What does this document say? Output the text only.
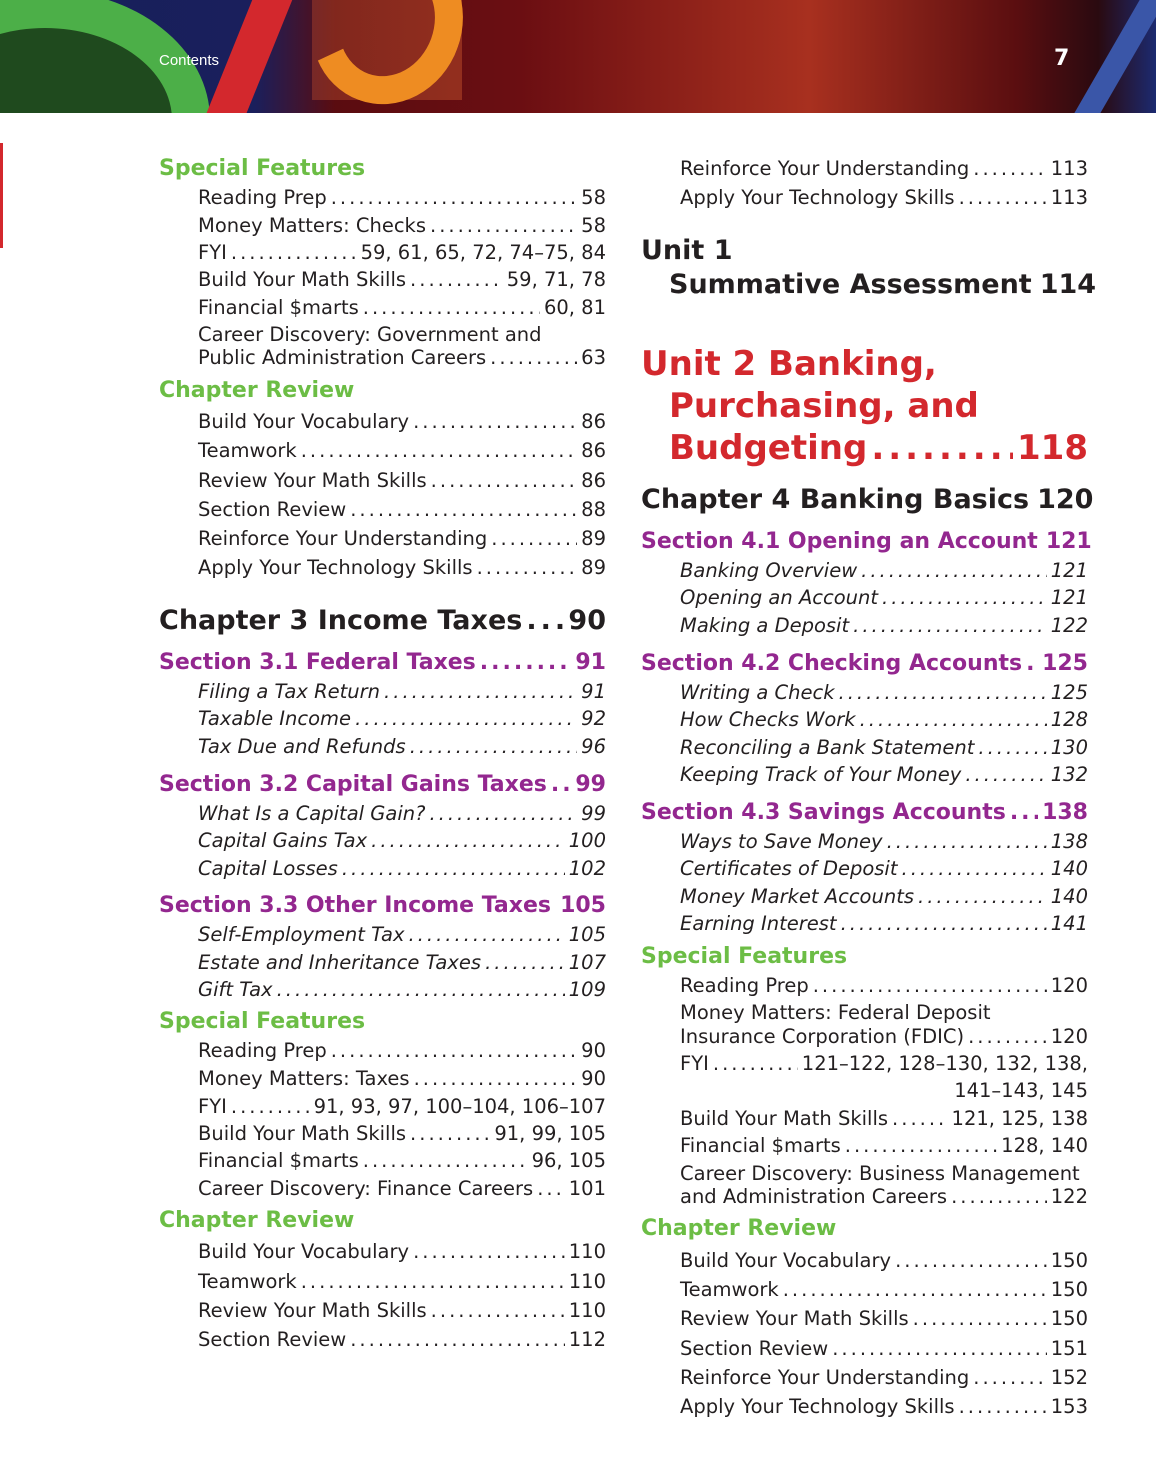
Contents	7
Special Features
Reading Prep .....	58
Money Matters: Checks .....	58
FYI .....	59, 61, 65, 72, 74–75, 84
Build Your Math Skills .....	59, 71, 78
Financial $marts .....	60, 81
Career Discovery: Government and
Public Administration Careers .....	63
Chapter Review
Build Your Vocabulary .....	86
Teamwork .....	86
Review Your Math Skills .....	86
Section Review .....	88
Reinforce Your Understanding .....	89
Apply Your Technology Skills .....	89
Chapter 3 Income Taxes ..... 90
Section 3.1 Federal Taxes .....	91
Filing a Tax Return .....	91
Taxable Income .....	92
Tax Due and Refunds .....	96
Section 3.2 Capital Gains Taxes ..... 99
What Is a Capital Gain? .....	99
Capital Gains Tax .....	100
Capital Losses .....	102
Section 3.3 Other Income Taxes ..... 105
Self-Employment Tax .....	105
Estate and Inheritance Taxes .....	107
Gift Tax .....	109
Special Features
Reading Prep .....	90
Money Matters: Taxes .....	90
FYI .....	91, 93, 97, 100–104, 106–107
Build Your Math Skills .....	91, 99, 105
Financial $marts .....	96, 105
Career Discovery: Finance Careers ..... 101
Chapter Review
Build Your Vocabulary .....	110
Teamwork .....	110
Review Your Math Skills .....	110
Section Review .....	112
Reinforce Your Understanding .....	113
Apply Your Technology Skills .....	113
Unit 1
Summative Assessment 114
Unit 2 Banking,
Purchasing, and
Budgeting .....	118
Chapter 4 Banking Basics 120
Section 4.1 Opening an Account 121
Banking Overview .....	121
Opening an Account .....	121
Making a Deposit .....	122
Section 4.2 Checking Accounts ..... 125
Writing a Check .....	125
How Checks Work .....	128
Reconciling a Bank Statement .....	130
Keeping Track of Your Money .....	132
Section 4.3 Savings Accounts ..... 138
Ways to Save Money .....	138
Certificates of Deposit .....	140
Money Market Accounts .....	140
Earning Interest .....	141
Special Features
Reading Prep .....	120
Money Matters: Federal Deposit
Insurance Corporation (FDIC) .....	120
FYI .....	121–122, 128–130, 132, 138,
141–143, 145
Build Your Math Skills .....	121, 125, 138
Financial $marts .....	128, 140
Career Discovery: Business Management
and Administration Careers .....	122
Chapter Review
Build Your Vocabulary .....	150
Teamwork .....	150
Review Your Math Skills .....	150
Section Review .....	151
Reinforce Your Understanding .....	152
Apply Your Technology Skills .....	153
